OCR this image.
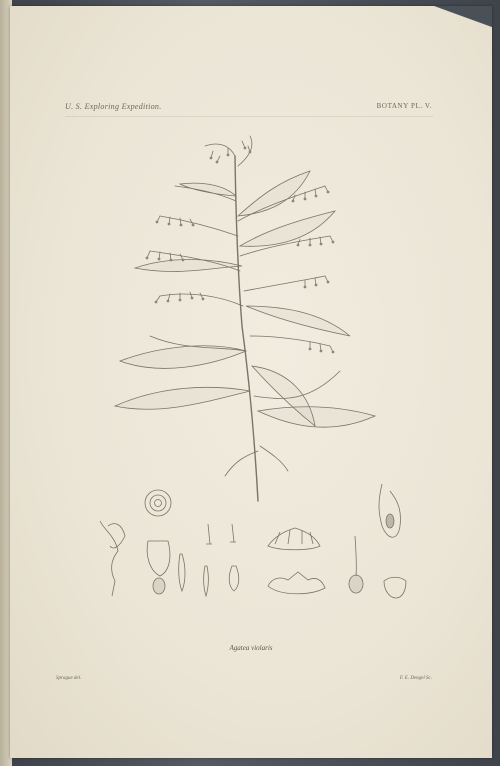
U. S. Exploring Expedition.	BOTANY PL. V.
Agatea violaris
Sprague del.	F. E. Dengel Sc.
